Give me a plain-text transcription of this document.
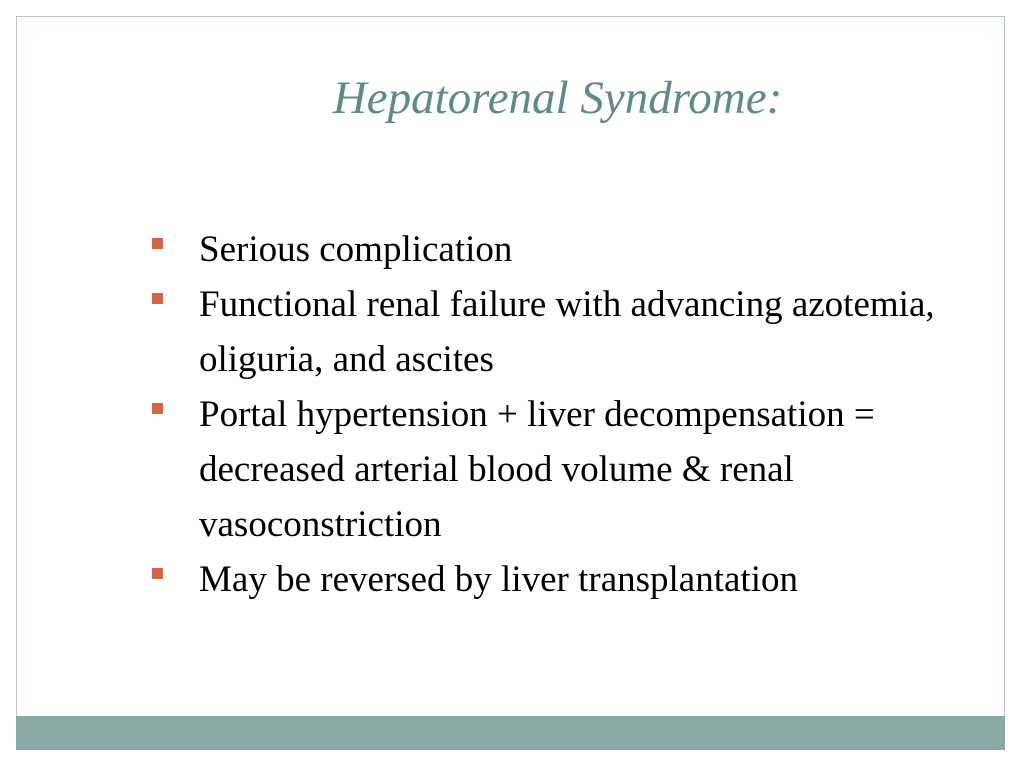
Hepatorenal Syndrome:
Serious complication
Functional renal failure with advancing azotemia, oliguria, and ascites
Portal hypertension + liver decompensation = decreased arterial blood volume & renal vasoconstriction
May be reversed by liver transplantation
